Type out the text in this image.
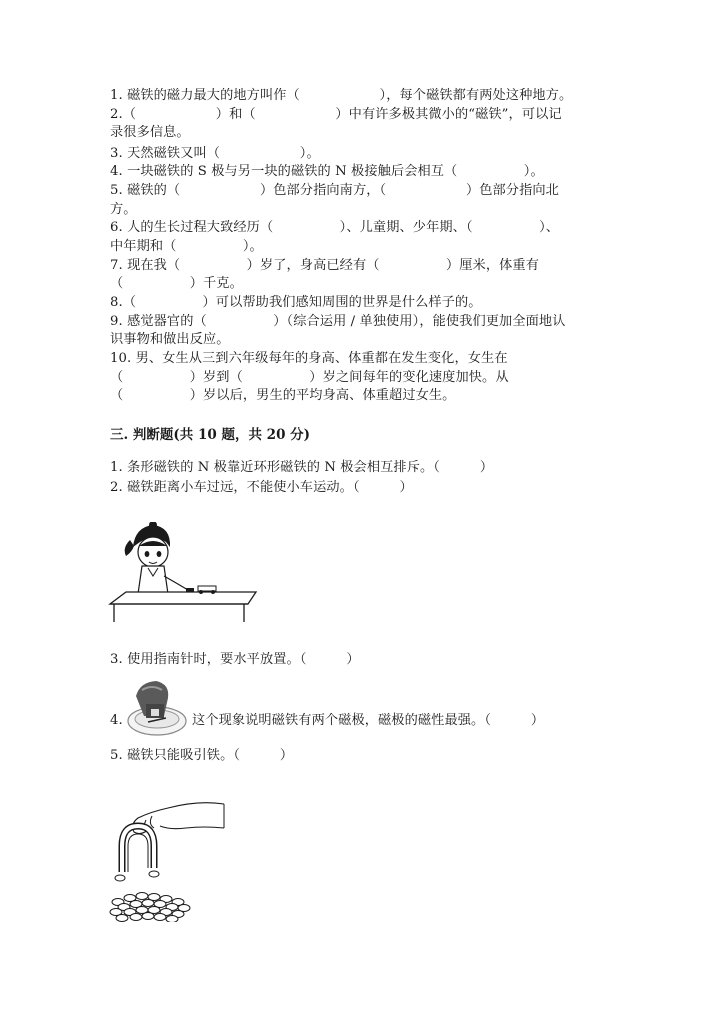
1. 磁铁的磁力最大的地方叫作（　　　　　　），每个磁铁都有两处这种地方。
2.（　　　　　　）和（　　　　　　）中有许多极其微小的“磁铁”，可以记
录很多信息。
3. 天然磁铁又叫（　　　　　　）。
4. 一块磁铁的 S 极与另一块的磁铁的 N 极接触后会相互（　　　　　）。
5. 磁铁的（　　　　　　）色部分指向南方，（　　　　　　）色部分指向北
方。
6. 人的生长过程大致经历（　　　　　）、儿童期、少年期、（　　　　　）、
中年期和（　　　　　）。
7. 现在我（　　　　　）岁了，身高已经有（　　　　　）厘米，体重有
（　　　　　）千克。
8.（　　　　　）可以帮助我们感知周围的世界是什么样子的。
9. 感觉器官的（　　　　　）（综合运用 / 单独使用），能使我们更加全面地认
识事物和做出反应。
10. 男、女生从三到六年级每年的身高、体重都在发生变化，女生在
（　　　　　）岁到（　　　　　）岁之间每年的变化速度加快。从
（　　　　　）岁以后，男生的平均身高、体重超过女生。
三. 判断题(共 10 题，共 20 分)
1. 条形磁铁的 N 极靠近环形磁铁的 N 极会相互排斥。（　　　）
2. 磁铁距离小车过远，不能使小车运动。（　　　）
3. 使用指南针时，要水平放置。（　　　）
4.	这个现象说明磁铁有两个磁极，磁极的磁性最强。（　　　）
5. 磁铁只能吸引铁。（　　　）
